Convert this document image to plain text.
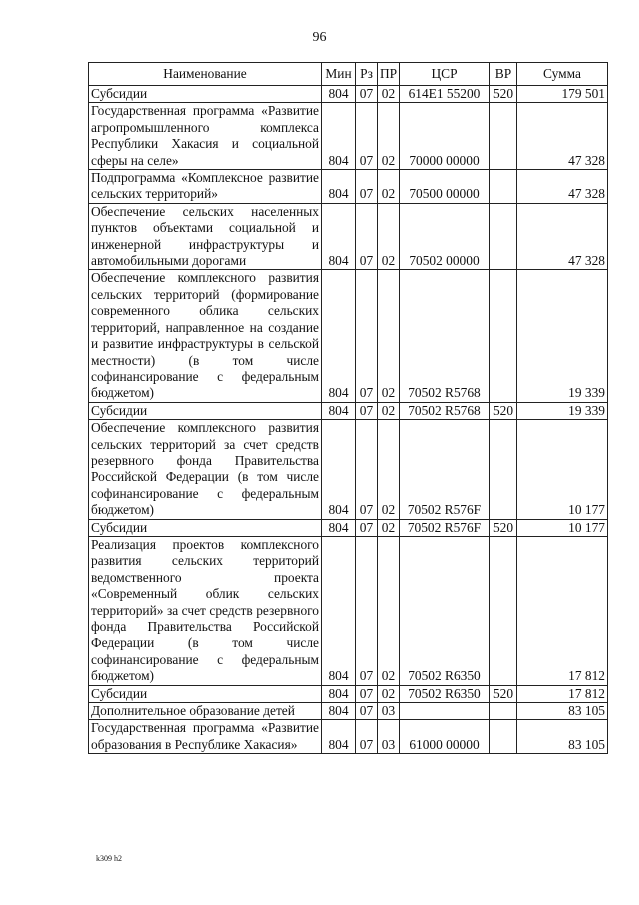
96
Наименование	Мин	Рз	ПР	ЦСР	ВР	Сумма
Субсидии	804	07	02	614E1 55200	520	179 501
Государственная программа «Развитие агропромышленного комплекса Республики Хакасия и социальной сферы на селе»	804	07	02	70000 00000		47 328
Подпрограмма «Комплексное развитие сельских территорий»	804	07	02	70500 00000		47 328
Обеспечение сельских населенных пунктов объектами социальной и инженерной инфраструктуры и автомобильными дорогами	804	07	02	70502 00000		47 328
Обеспечение комплексного развития сельских территорий (формирование современного облика сельских территорий, направленное на создание и развитие инфраструктуры в сельской местности) (в том числе софинансирование с федеральным бюджетом)	804	07	02	70502 R5768		19 339
Субсидии	804	07	02	70502 R5768	520	19 339
Обеспечение комплексного развития сельских территорий за счет средств резервного фонда Правительства Российской Федерации (в том числе софинансирование с федеральным бюджетом)	804	07	02	70502 R576F		10 177
Субсидии	804	07	02	70502 R576F	520	10 177
Реализация проектов комплексного развития сельских территорий ведомственного проекта «Современный облик сельских территорий» за счет средств резервного фонда Правительства Российской Федерации (в том числе софинансирование с федеральным бюджетом)	804	07	02	70502 R6350		17 812
Субсидии	804	07	02	70502 R6350	520	17 812
Дополнительное образование детей	804	07	03			83 105
Государственная программа «Развитие образования в Республике Хакасия»	804	07	03	61000 00000		83 105
k309 h2
